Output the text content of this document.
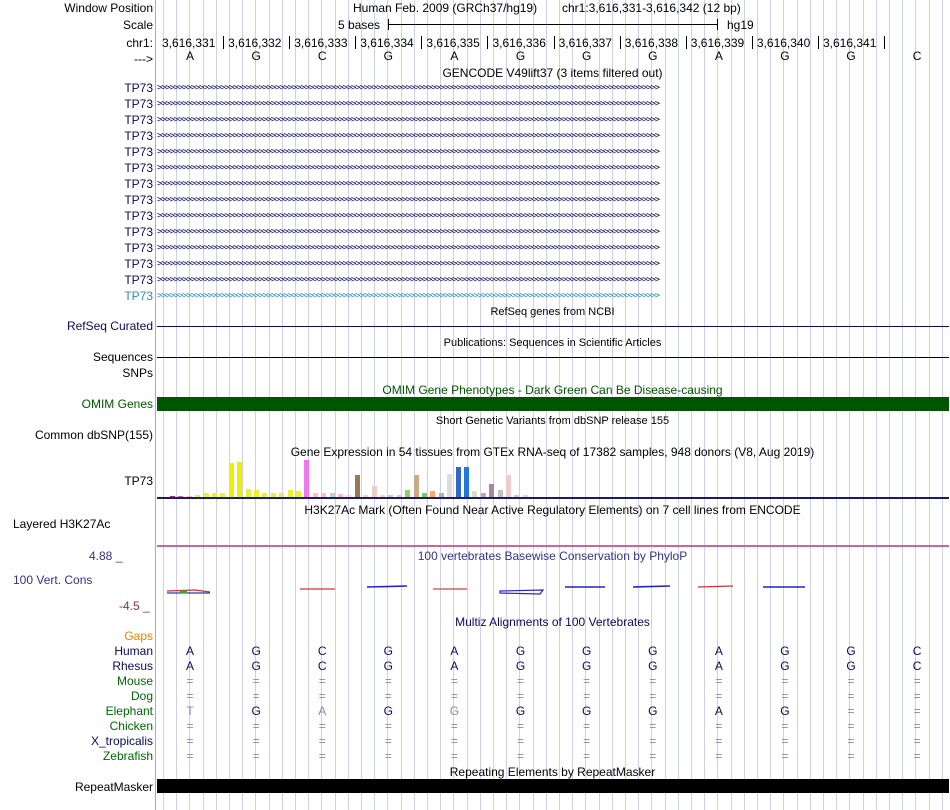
Window Position	Human Feb. 2009 (GRCh37/hg19) chr1:3,616,331-3,616,342 (12 bp)
Scale	5 bases	hg19
chr1: 3,616,331 3,616,332 3,616,333 3,616,334 3,616,335 3,616,336 3,616,337 3,616,338 3,616,339 3,616,340 3,616,341
--->	A	G	C	G	A	G	G	G	A	G	G	C
GENCODE V49lift37 (3 items filtered out)
TP73 >>>>>>>>>>>>>>>>>>>>>>>>>>>>>>>>>>>>>>>>>>>>>>>>>>>>>>>>>>>>>>>>>>>>>>>>>>>>>>>>>>>>>>>>>>>>>>>>>>>>>>>>>>>>>>>>>>>>>>>
TP73 >>>>>>>>>>>>>>>>>>>>>>>>>>>>>>>>>>>>>>>>>>>>>>>>>>>>>>>>>>>>>>>>>>>>>>>>>>>>>>>>>>>>>>>>>>>>>>>>>>>>>>>>>>>>>>>>>>>>>>>
TP73 >>>>>>>>>>>>>>>>>>>>>>>>>>>>>>>>>>>>>>>>>>>>>>>>>>>>>>>>>>>>>>>>>>>>>>>>>>>>>>>>>>>>>>>>>>>>>>>>>>>>>>>>>>>>>>>>>>>>>>>
TP73 >>>>>>>>>>>>>>>>>>>>>>>>>>>>>>>>>>>>>>>>>>>>>>>>>>>>>>>>>>>>>>>>>>>>>>>>>>>>>>>>>>>>>>>>>>>>>>>>>>>>>>>>>>>>>>>>>>>>>>>
TP73 >>>>>>>>>>>>>>>>>>>>>>>>>>>>>>>>>>>>>>>>>>>>>>>>>>>>>>>>>>>>>>>>>>>>>>>>>>>>>>>>>>>>>>>>>>>>>>>>>>>>>>>>>>>>>>>>>>>>>>>
TP73 >>>>>>>>>>>>>>>>>>>>>>>>>>>>>>>>>>>>>>>>>>>>>>>>>>>>>>>>>>>>>>>>>>>>>>>>>>>>>>>>>>>>>>>>>>>>>>>>>>>>>>>>>>>>>>>>>>>>>>>
TP73 >>>>>>>>>>>>>>>>>>>>>>>>>>>>>>>>>>>>>>>>>>>>>>>>>>>>>>>>>>>>>>>>>>>>>>>>>>>>>>>>>>>>>>>>>>>>>>>>>>>>>>>>>>>>>>>>>>>>>>>
TP73 >>>>>>>>>>>>>>>>>>>>>>>>>>>>>>>>>>>>>>>>>>>>>>>>>>>>>>>>>>>>>>>>>>>>>>>>>>>>>>>>>>>>>>>>>>>>>>>>>>>>>>>>>>>>>>>>>>>>>>>
TP73 >>>>>>>>>>>>>>>>>>>>>>>>>>>>>>>>>>>>>>>>>>>>>>>>>>>>>>>>>>>>>>>>>>>>>>>>>>>>>>>>>>>>>>>>>>>>>>>>>>>>>>>>>>>>>>>>>>>>>>>
TP73 >>>>>>>>>>>>>>>>>>>>>>>>>>>>>>>>>>>>>>>>>>>>>>>>>>>>>>>>>>>>>>>>>>>>>>>>>>>>>>>>>>>>>>>>>>>>>>>>>>>>>>>>>>>>>>>>>>>>>>>
TP73 >>>>>>>>>>>>>>>>>>>>>>>>>>>>>>>>>>>>>>>>>>>>>>>>>>>>>>>>>>>>>>>>>>>>>>>>>>>>>>>>>>>>>>>>>>>>>>>>>>>>>>>>>>>>>>>>>>>>>>>
TP73 >>>>>>>>>>>>>>>>>>>>>>>>>>>>>>>>>>>>>>>>>>>>>>>>>>>>>>>>>>>>>>>>>>>>>>>>>>>>>>>>>>>>>>>>>>>>>>>>>>>>>>>>>>>>>>>>>>>>>>>
TP73 >>>>>>>>>>>>>>>>>>>>>>>>>>>>>>>>>>>>>>>>>>>>>>>>>>>>>>>>>>>>>>>>>>>>>>>>>>>>>>>>>>>>>>>>>>>>>>>>>>>>>>>>>>>>>>>>>>>>>>>
TP73 >>>>>>>>>>>>>>>>>>>>>>>>>>>>>>>>>>>>>>>>>>>>>>>>>>>>>>>>>>>>>>>>>>>>>>>>>>>>>>>>>>>>>>>>>>>>>>>>>>>>>>>>>>>>>>>>>>>>>>>
RefSeq genes from NCBI
RefSeq Curated
Publications: Sequences in Scientific Articles
Sequences
SNPs
OMIM Gene Phenotypes - Dark Green Can Be Disease-causing
OMIM Genes
Short Genetic Variants from dbSNP release 155
Common dbSNP(155)
Gene Expression in 54 tissues from GTEx RNA-seq of 17382 samples, 948 donors (V8, Aug 2019)
TP73
H3K27Ac Mark (Often Found Near Active Regulatory Elements) on 7 cell lines from ENCODE
Layered H3K27Ac
4.88 _	100 vertebrates Basewise Conservation by PhyloP
100 Vert. Cons
-4.5 _
Multiz Alignments of 100 Vertebrates
Gaps
Human	A	G	C	G	A	G	G	G	A	G	G	C
Rhesus	A	G	C	G	A	G	G	G	A	G	G	C
Mouse	=	=	=	=	=	=	=	=	=	=	=	=
Dog	=	=	=	=	=	=	=	=	=	=	=	=
Elephant	T	G	A	G	G	G	G	G	A	G	=	=
Chicken	=	=	=	=	=	=	=	=	=	=	=	=
X_tropicalis	=	=	=	=	=	=	=	=	=	=	=	=
Zebrafish	=	=	=	=	=	=	=	=	=	=	=	=
Repeating Elements by RepeatMasker
RepeatMasker
